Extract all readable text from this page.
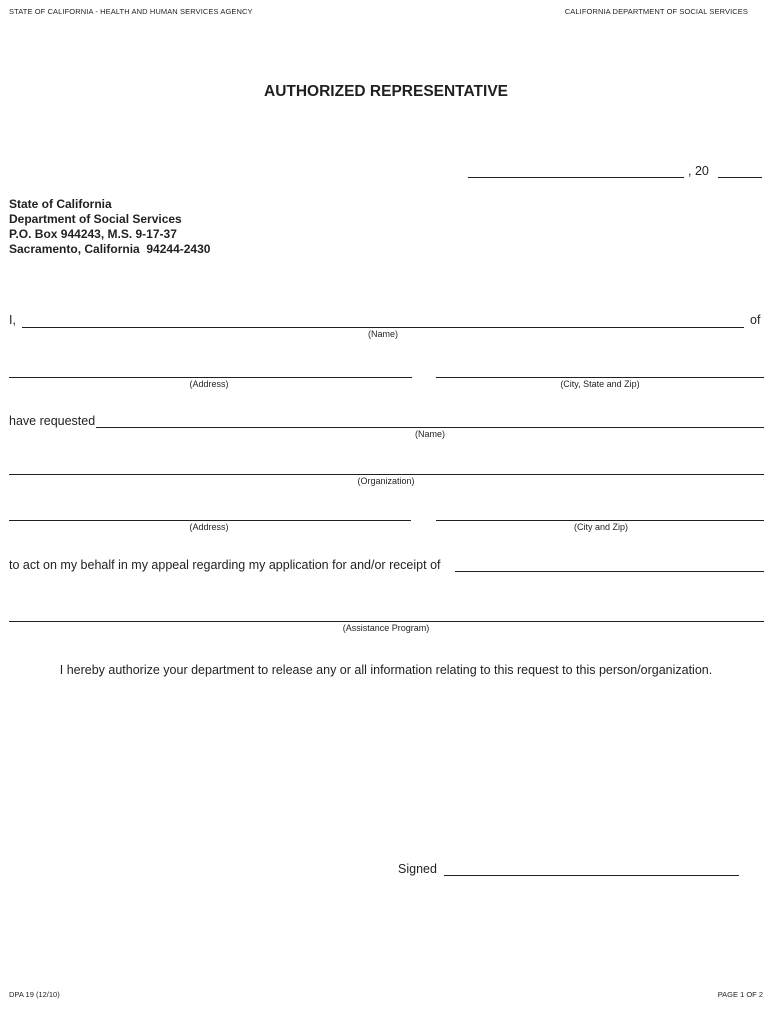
STATE OF CALIFORNIA - HEALTH AND HUMAN SERVICES AGENCY	CALIFORNIA DEPARTMENT OF SOCIAL SERVICES
AUTHORIZED REPRESENTATIVE
, 20
State of California
Department of Social Services
P.O. Box 944243, M.S. 9-17-37
Sacramento, California  94244-2430
I,	of
(Name)
(Address)	(City, State and Zip)
have requested
(Name)
(Organization)
(Address)	(City and Zip)
to act on my behalf in my appeal regarding my application for and/or receipt of
(Assistance Program)
I hereby authorize your department to release any or all information relating to this request to this person/organization.
Signed
DPA 19 (12/10)	PAGE 1 OF 2
